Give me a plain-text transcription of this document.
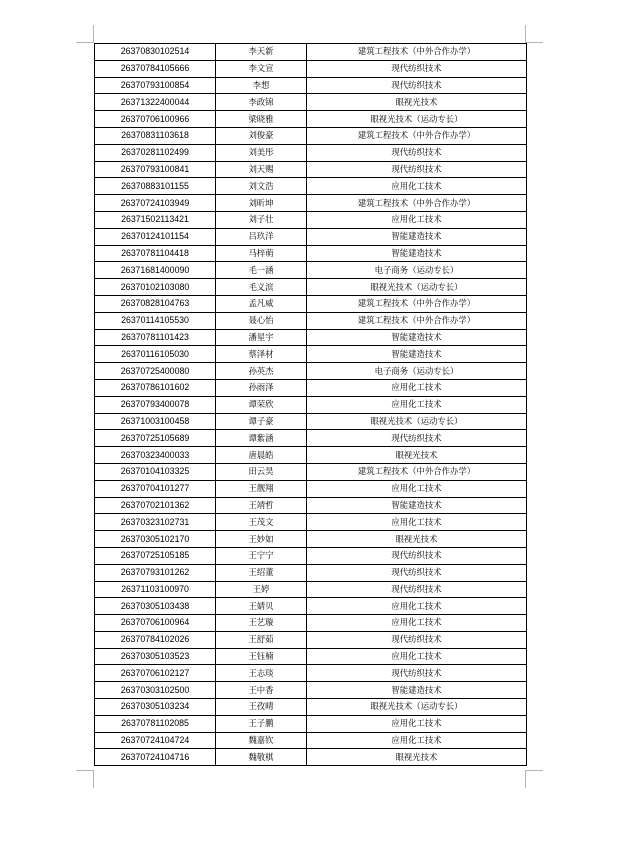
26370830102514	李天新	建筑工程技术（中外合作办学）
26370784105666	李文宣	现代纺织技术
26370793100854	李想	现代纺织技术
26371322400044	李政锦	眼视光技术
26370706100966	梁晓雅	眼视光技术（运动专长）
26370831103618	刘俊豪	建筑工程技术（中外合作办学）
26370281102499	刘美彤	现代纺织技术
26370793100841	刘天赐	现代纺织技术
26370883101155	刘文浩	应用化工技术
26370724103949	刘昕坤	建筑工程技术（中外合作办学）
26371502113421	刘子壮	应用化工技术
26370124101154	吕玖洋	智能建造技术
26370781104418	马梓萌	智能建造技术
26371681400090	毛一涵	电子商务（运动专长）
26370102103080	毛义滨	眼视光技术（运动专长）
26370828104763	孟凡威	建筑工程技术（中外合作办学）
26370114105530	聂心怡	建筑工程技术（中外合作办学）
26370781101423	潘星宇	智能建造技术
26370116105030	蔡泽材	智能建造技术
26370725400080	孙英杰	电子商务（运动专长）
26370786101602	孙雨泽	应用化工技术
26370793400078	谭荣欣	应用化工技术
26371003100458	谭子豪	眼视光技术（运动专长）
26370725105689	谭紫涵	现代纺织技术
26370323400033	唐晨皓	眼视光技术
26370104103325	田云昊	建筑工程技术（中外合作办学）
26370704101277	王靓翔	应用化工技术
26370702101362	王靖哲	智能建造技术
26370323102731	王茂文	应用化工技术
26370305102170	王妙如	眼视光技术
26370725105185	王宁宁	现代纺织技术
26370793101262	王绍董	现代纺织技术
26371103100970	王婷	现代纺织技术
26370305103438	王婧贝	应用化工技术
26370706100964	王艺璇	应用化工技术
26370784102026	王舒茹	现代纺织技术
26370305103523	王钰楠	应用化工技术
26370706102127	王志琰	现代纺织技术
26370303102500	王中香	智能建造技术
26370305103234	王孜晴	眼视光技术（运动专长）
26370781102085	王子鹏	应用化工技术
26370724104724	魏嘉钦	应用化工技术
26370724104716	魏敬棋	眼视光技术
